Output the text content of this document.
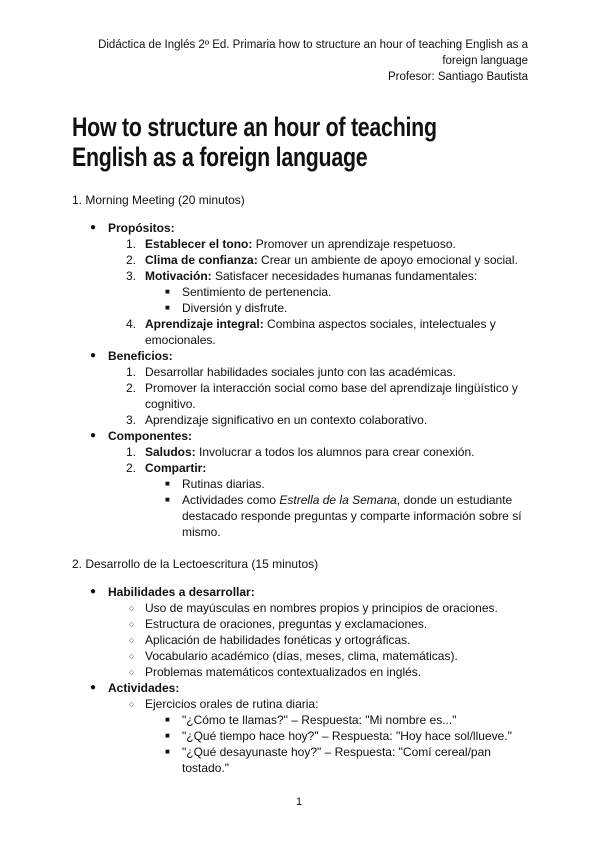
Didáctica de Inglés 2º Ed. Primaria how to structure an hour of teaching English as a foreign language
Profesor: Santiago Bautista
How to structure an hour of teaching English as a foreign language

1. Morning Meeting (20 minutos)

● Propósitos:
1. Establecer el tono: Promover un aprendizaje respetuoso.
2. Clima de confianza: Crear un ambiente de apoyo emocional y social.
3. Motivación: Satisfacer necesidades humanas fundamentales:
■ Sentimiento de pertenencia.
■ Diversión y disfrute.
4. Aprendizaje integral: Combina aspectos sociales, intelectuales y emocionales.
● Beneficios:
1. Desarrollar habilidades sociales junto con las académicas.
2. Promover la interacción social como base del aprendizaje lingüístico y cognitivo.
3. Aprendizaje significativo en un contexto colaborativo.
● Componentes:
1. Saludos: Involucrar a todos los alumnos para crear conexión.
2. Compartir:
■ Rutinas diarias.
■ Actividades como Estrella de la Semana, donde un estudiante destacado responde preguntas y comparte información sobre sí mismo.

2. Desarrollo de la Lectoescritura (15 minutos)

● Habilidades a desarrollar:
○ Uso de mayúsculas en nombres propios y principios de oraciones.
○ Estructura de oraciones, preguntas y exclamaciones.
○ Aplicación de habilidades fonéticas y ortográficas.
○ Vocabulario académico (días, meses, clima, matemáticas).
○ Problemas matemáticos contextualizados en inglés.
● Actividades:
○ Ejercicios orales de rutina diaria:
■ "¿Cómo te llamas?" – Respuesta: "Mi nombre es..."
■ "¿Qué tiempo hace hoy?" – Respuesta: "Hoy hace sol/llueve."
■ "¿Qué desayunaste hoy?" – Respuesta: "Comí cereal/pan tostado."
1
